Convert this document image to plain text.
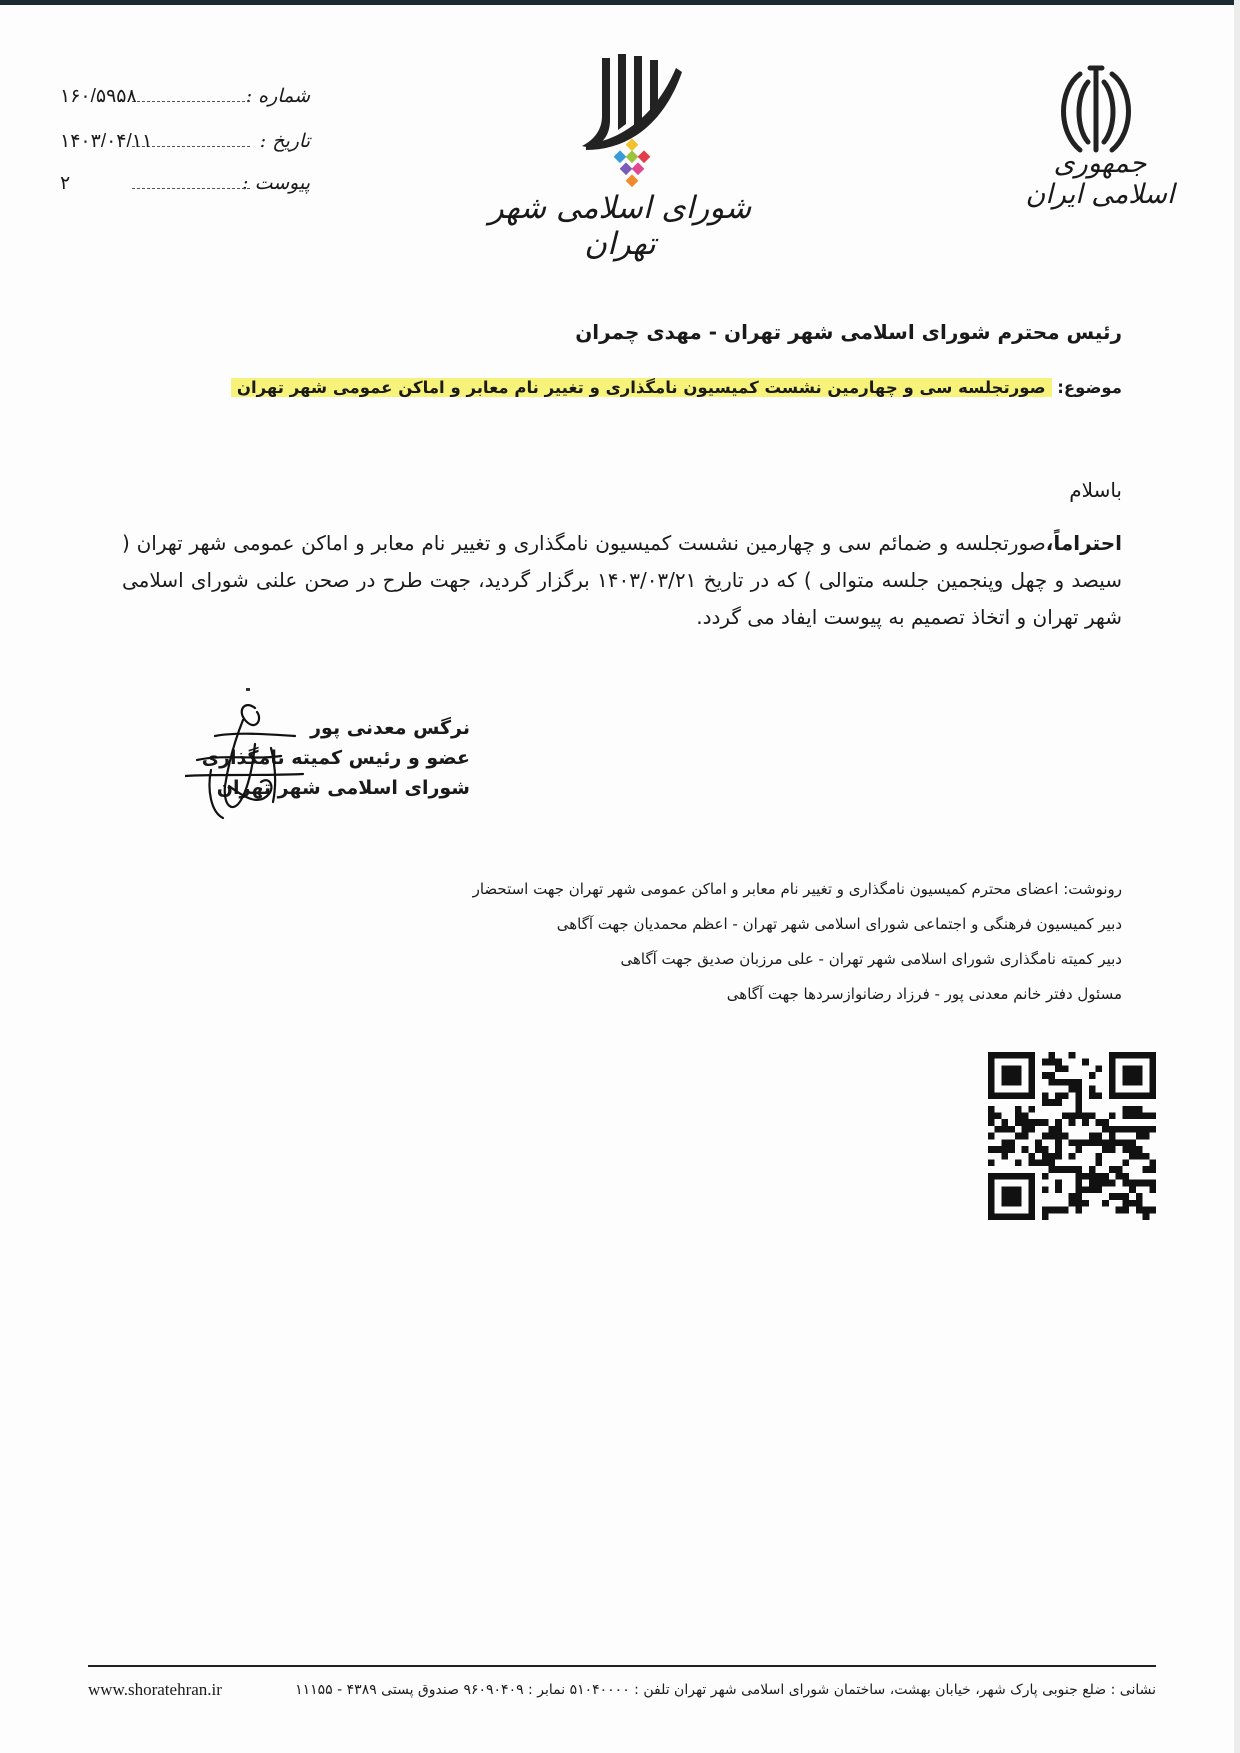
جمهوری اسلامی ایران
شورای اسلامی شهر تهران
شماره :
۱۶۰/۵۹۵۸
تاریخ :
۱۴۰۳/۰۴/۱۱
پیوست :
۲
رئیس محترم شورای اسلامی شهر تهران - مهدی چمران
موضوع: صورتجلسه سی و چهارمین نشست کمیسیون نامگذاری و تغییر نام معابر و اماکن عمومی شهر تهران
باسلام
احتراماً،صورتجلسه و ضمائم سی و چهارمین نشست کمیسیون نامگذاری و تغییر نام معابر و اماکن عمومی شهر تهران ( سیصد و چهل وپنجمین جلسه متوالی ) که در تاریخ ۱۴۰۳/۰۳/۲۱ برگزار گردید، جهت طرح در صحن علنی شورای اسلامی شهر تهران و اتخاذ تصمیم به پیوست ایفاد می گردد.
نرگس معدنی پور
عضو و رئیس کمیته نامگذاری
شورای اسلامی شهر تهران
رونوشت: اعضای محترم کمیسیون نامگذاری و تغییر نام معابر و اماکن عمومی شهر تهران جهت استحضار
دبیر کمیسیون فرهنگی و اجتماعی شورای اسلامی شهر تهران - اعظم محمدیان جهت آگاهی
دبیر کمیته نامگذاری شورای اسلامی شهر تهران - علی مرزبان صدیق جهت آگاهی
مسئول دفتر خانم معدنی پور - فرزاد رضانوازسردها جهت آگاهی
نشانی : ضلع جنوبی پارک شهر، خیابان بهشت، ساختمان شورای اسلامی شهر تهران تلفن : ۵۱۰۴۰۰۰۰ نمابر : ۹۶۰۹۰۴۰۹ صندوق پستی ۴۳۸۹ - ۱۱۱۵۵
www.shoratehran.ir
